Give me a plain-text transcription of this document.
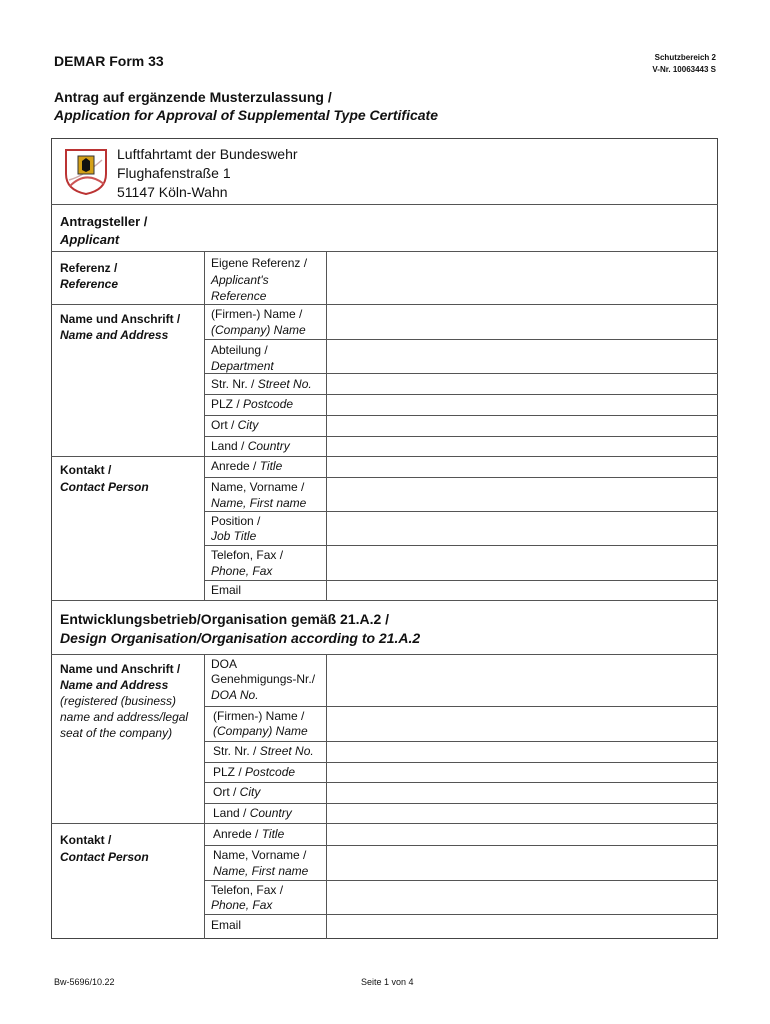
DEMAR Form 33	Schutzbereich 2
V-Nr. 10063443 S
Antrag auf ergänzende Musterzulassung /
Application for Approval of Supplemental Type Certificate
Luftfahrtamt der Bundeswehr
Flughafenstraße 1
51147 Köln-Wahn
Antragsteller /
Applicant
Referenz /
Reference
Eigene Referenz /
Applicant's
Reference
Name und Anschrift /
Name and Address
(Firmen-) Name /
(Company) Name
Abteilung /
Department
Str. Nr. / Street No.
PLZ / Postcode
Ort / City
Land / Country
Kontakt /
Contact Person
Anrede / Title
Name, Vorname /
Name, First name
Position /
Job Title
Telefon, Fax /
Phone, Fax
Email
Entwicklungsbetrieb/Organisation gemäß 21.A.2 /
Design Organisation/Organisation according to 21.A.2
Name und Anschrift /
Name and Address
(registered (business)
name and address/legal
seat of the company)
DOA
Genehmigungs-Nr./
DOA No.
(Firmen-) Name /
(Company) Name
Str. Nr. / Street No.
PLZ / Postcode
Ort / City
Land / Country
Kontakt /
Contact Person
Anrede / Title
Name, Vorname /
Name, First name
Telefon, Fax /
Phone, Fax
Email
Bw-5696/10.22	Seite 1 von 4
